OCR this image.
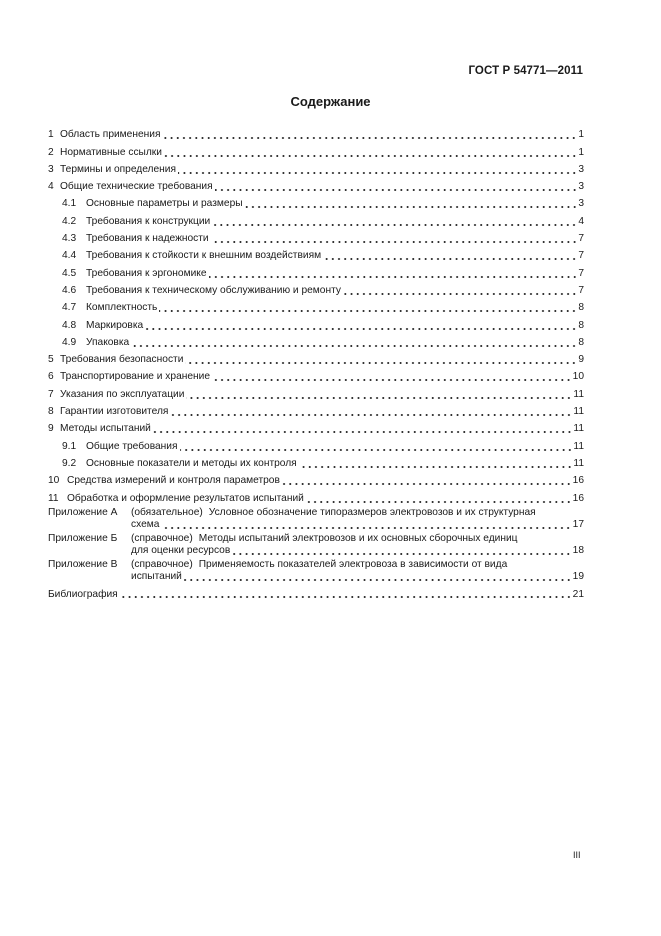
ГОСТ Р 54771—2011
Содержание
1 Область применения	1
2 Нормативные ссылки	1
3 Термины и определения	3
4 Общие технические требования	3
4.1 Основные параметры и размеры	3
4.2 Требования к конструкции	4
4.3 Требования к надежности	7
4.4 Требования к стойкости к внешним воздействиям	7
4.5 Требования к эргономике	7
4.6 Требования к техническому обслуживанию и ремонту	7
4.7 Комплектность	8
4.8 Маркировка	8
4.9 Упаковка	8
5 Требования безопасности	9
6 Транспортирование и хранение	10
7 Указания по эксплуатации	11
8 Гарантии изготовителя	11
9 Методы испытаний	11
9.1 Общие требования	11
9.2 Основные показатели и методы их контроля	11
10 Средства измерений и контроля параметров	16
11 Обработка и оформление результатов испытаний	16
Приложение А	(обязательное) Условное обозначение типоразмеров электровозов и их структурная
схема	17
Приложение Б	(справочное) Методы испытаний электровозов и их основных сборочных единиц
для оценки ресурсов	18
Приложение В	(справочное) Применяемость показателей электровоза в зависимости от вида
испытаний	19
Библиография	21
III
